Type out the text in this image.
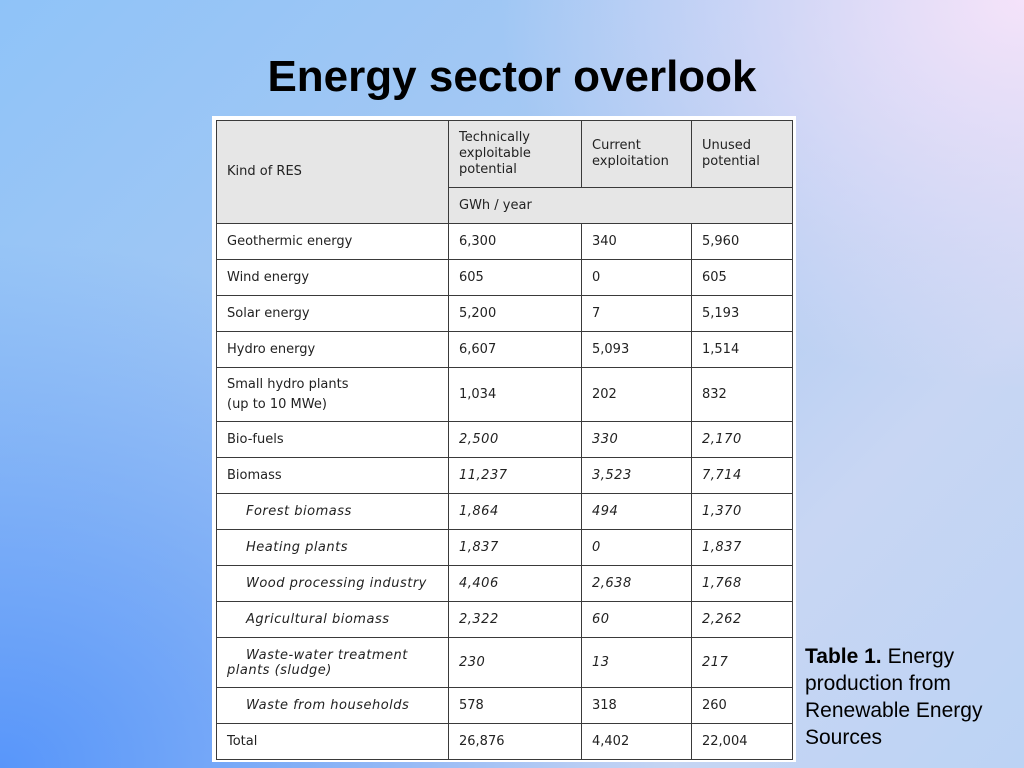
Energy sector overlook
Kind of RES	Technically exploitable potential	Current exploitation	Unused potential
	GWh / year		
Geothermic energy	6,300	340	5,960
Wind energy	605	0	605
Solar energy	5,200	7	5,193
Hydro energy	6,607	5,093	1,514

Small hydro plants
(up to 10 MWe)	1,034	202	832
Bio-fuels	2,500	330	2,170
Biomass	11,237	3,523	7,714
Forest biomass	1,864	494	1,370
Heating plants	1,837	0	1,837
Wood processing industry	4,406	2,638	1,768
Agricultural biomass	2,322	60	2,262

Waste-water treatment
plants (sludge)	230	13	217
Waste from households	578	318	260
Total	26,876	4,402	22,004
Table 1. Energy production from Renewable Energy Sources
